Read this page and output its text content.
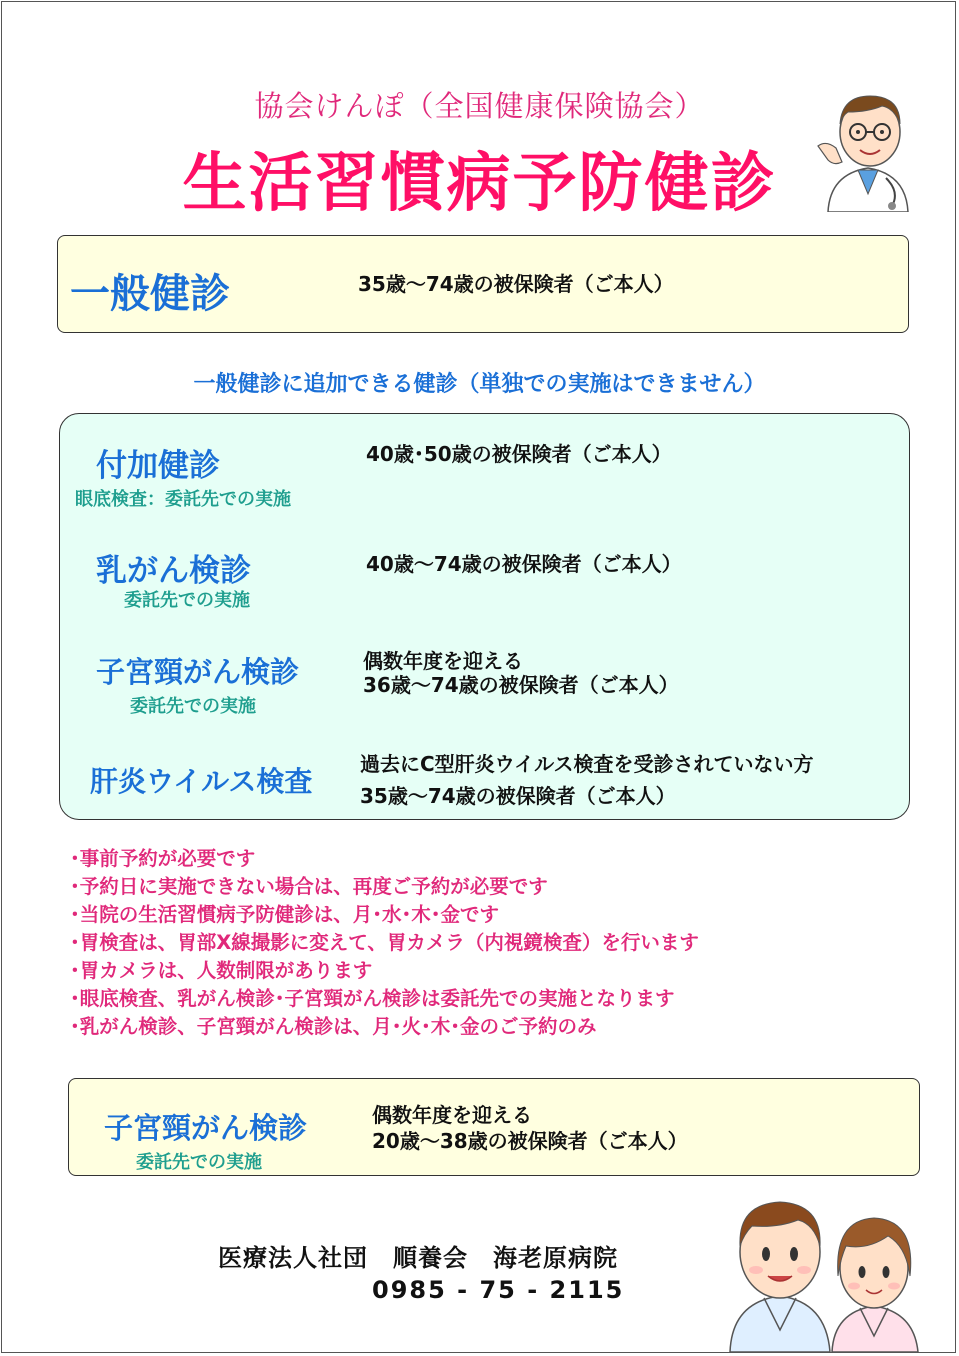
協会けんぽ（全国健康保険協会）
生活習慣病予防健診
一般健診	35歳～74歳の被保険者（ご本人）
一般健診に追加できる健診（単独での実施はできません）
付加健診
眼底検査：委託先での実施
40歳･50歳の被保険者（ご本人）
乳がん検診
委託先での実施
40歳～74歳の被保険者（ご本人）
子宮頸がん検診
委託先での実施
偶数年度を迎える
36歳～74歳の被保険者（ご本人）
肝炎ウイルス検査
過去にC型肝炎ウイルス検査を受診されていない方
35歳～74歳の被保険者（ご本人）
･事前予約が必要です
･予約日に実施できない場合は、再度ご予約が必要です
･当院の生活習慣病予防健診は、月･水･木･金です
･胃検査は、胃部X線撮影に変えて、胃カメラ（内視鏡検査）を行います
･胃カメラは、人数制限があります
･眼底検査、乳がん検診･子宮頸がん検診は委託先での実施となります
･乳がん検診、子宮頸がん検診は、月･火･木･金のご予約のみ
子宮頸がん検診
委託先での実施
偶数年度を迎える
20歳～38歳の被保険者（ご本人）
医療法人社団　順養会　海老原病院
0985 - 75 - 2115
